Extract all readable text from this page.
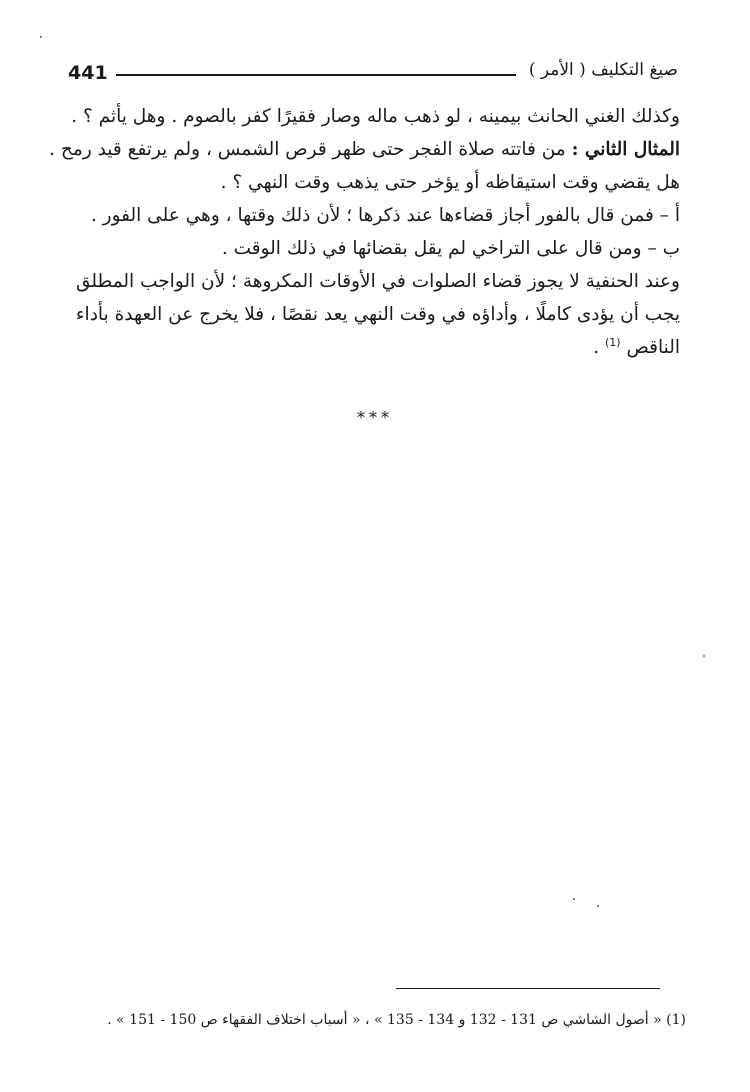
441	صيغ التكليف ( الأمر )

وكذلك الغني الحانث بيمينه ، لو ذهب ماله وصار فقيرًا كفر بالصوم . وهل يأثم ؟ .

المثال الثاني : من فاتته صلاة الفجر حتى ظهر قرص الشمس ، ولم يرتفع قيد رمح .

هل يقضي وقت استيقاظه أو يؤخر حتى يذهب وقت النهي ؟ .

أ – فمن قال بالفور أجاز قضاءها عند ذكرها ؛ لأن ذلك وقتها ، وهي على الفور .

ب – ومن قال على التراخي لم يقل بقضائها في ذلك الوقت .

وعند الحنفية لا يجوز قضاء الصلوات في الأوقات المكروهة ؛ لأن الواجب المطلق

يجب أن يؤدى كاملًا ، وأداؤه في وقت النهي يعد نقصًا ، فلا يخرج عن العهدة بأداء

الناقص $^{(1)}$ .

***
(1) « أصول الشاشي ص 131 - 132 و 134 - 135 » ، « أسباب اختلاف الفقهاء ص 150 - 151 » .
